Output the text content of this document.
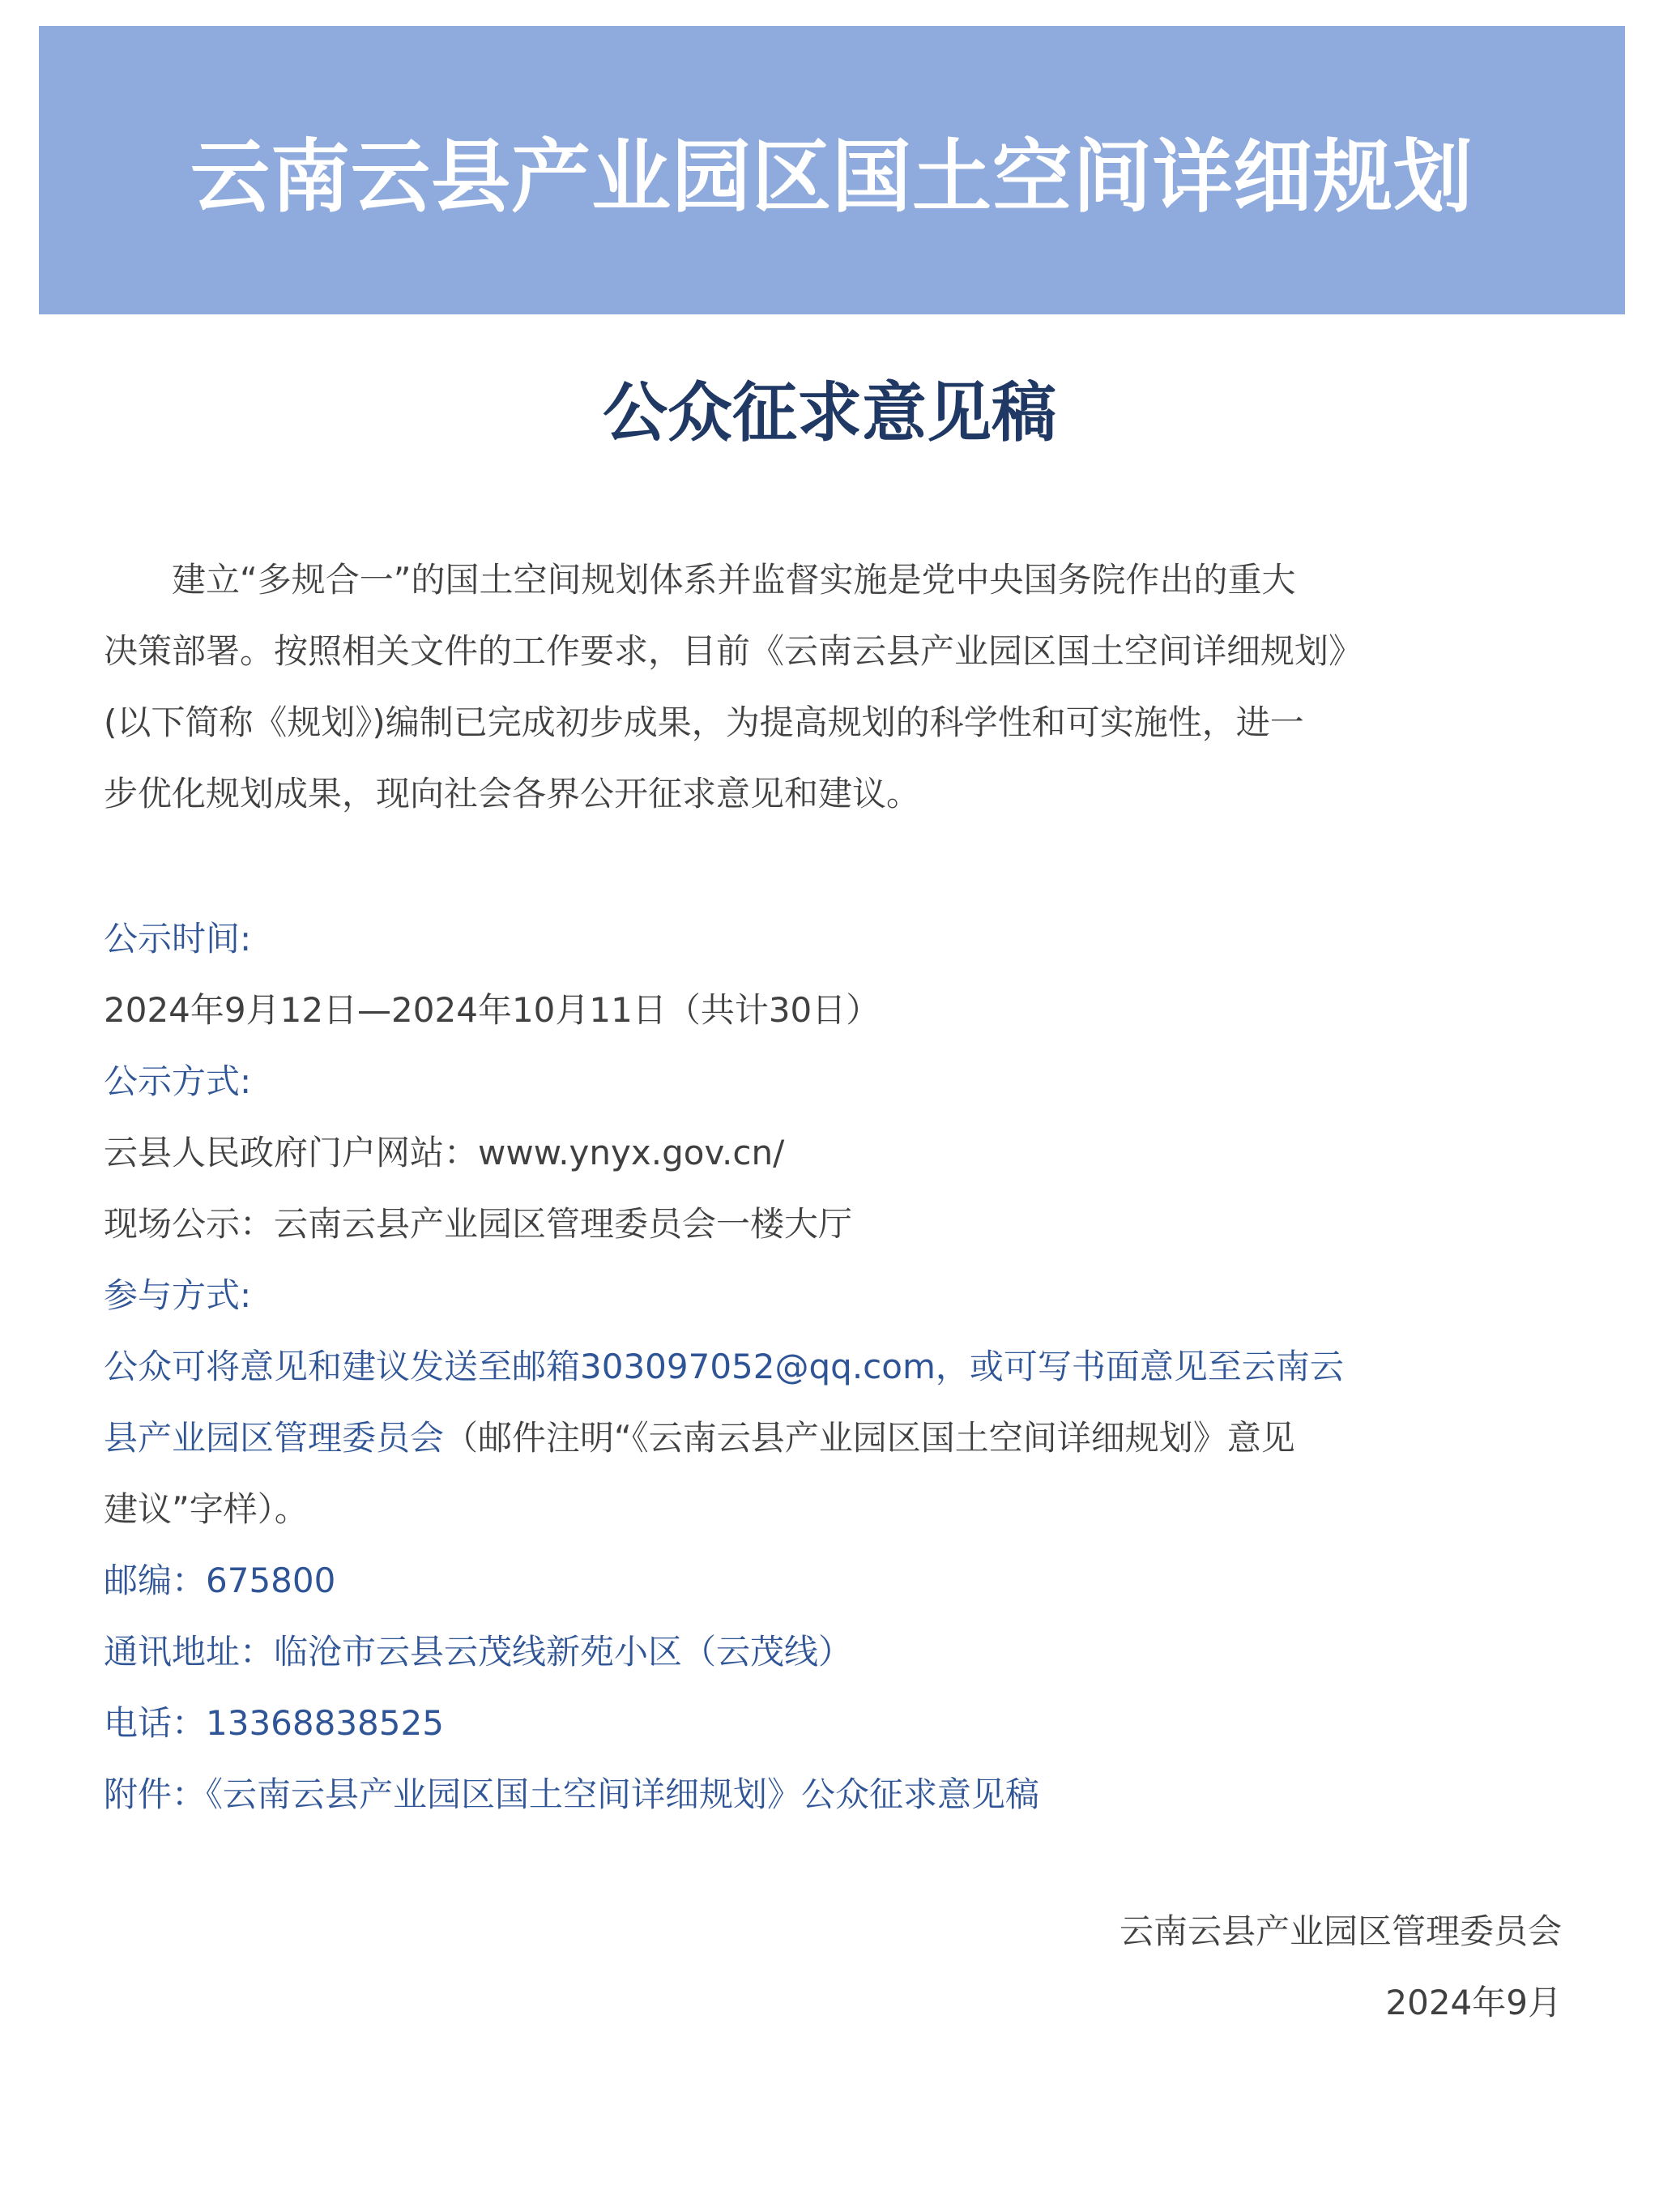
云南云县产业园区国土空间详细规划
公众征求意见稿

建立“多规合一”的国土空间规划体系并监督实施是党中央国务院作出的重大

决策部署。按照相关文件的工作要求，目前《云南云县产业园区国土空间详细规划》

(以下简称《规划》)编制已完成初步成果，为提高规划的科学性和可实施性，进一

步优化规划成果，现向社会各界公开征求意见和建议。

公示时间:
2024年9月12日—2024年10月11日（共计30日）
公示方式:
云县人民政府门户网站：www.ynyx.gov.cn/
现场公示：云南云县产业园区管理委员会一楼大厅
参与方式:
公众可将意见和建议发送至邮箱303097052@qq.com，或可写书面意见至云南云
县产业园区管理委员会（邮件注明“《云南云县产业园区国土空间详细规划》意见
建议”字样）。
邮编：675800
通讯地址：临沧市云县云茂线新苑小区（云茂线）
电话：13368838525
附件：《云南云县产业园区国土空间详细规划》公众征求意见稿
云南云县产业园区管理委员会
2024年9月
